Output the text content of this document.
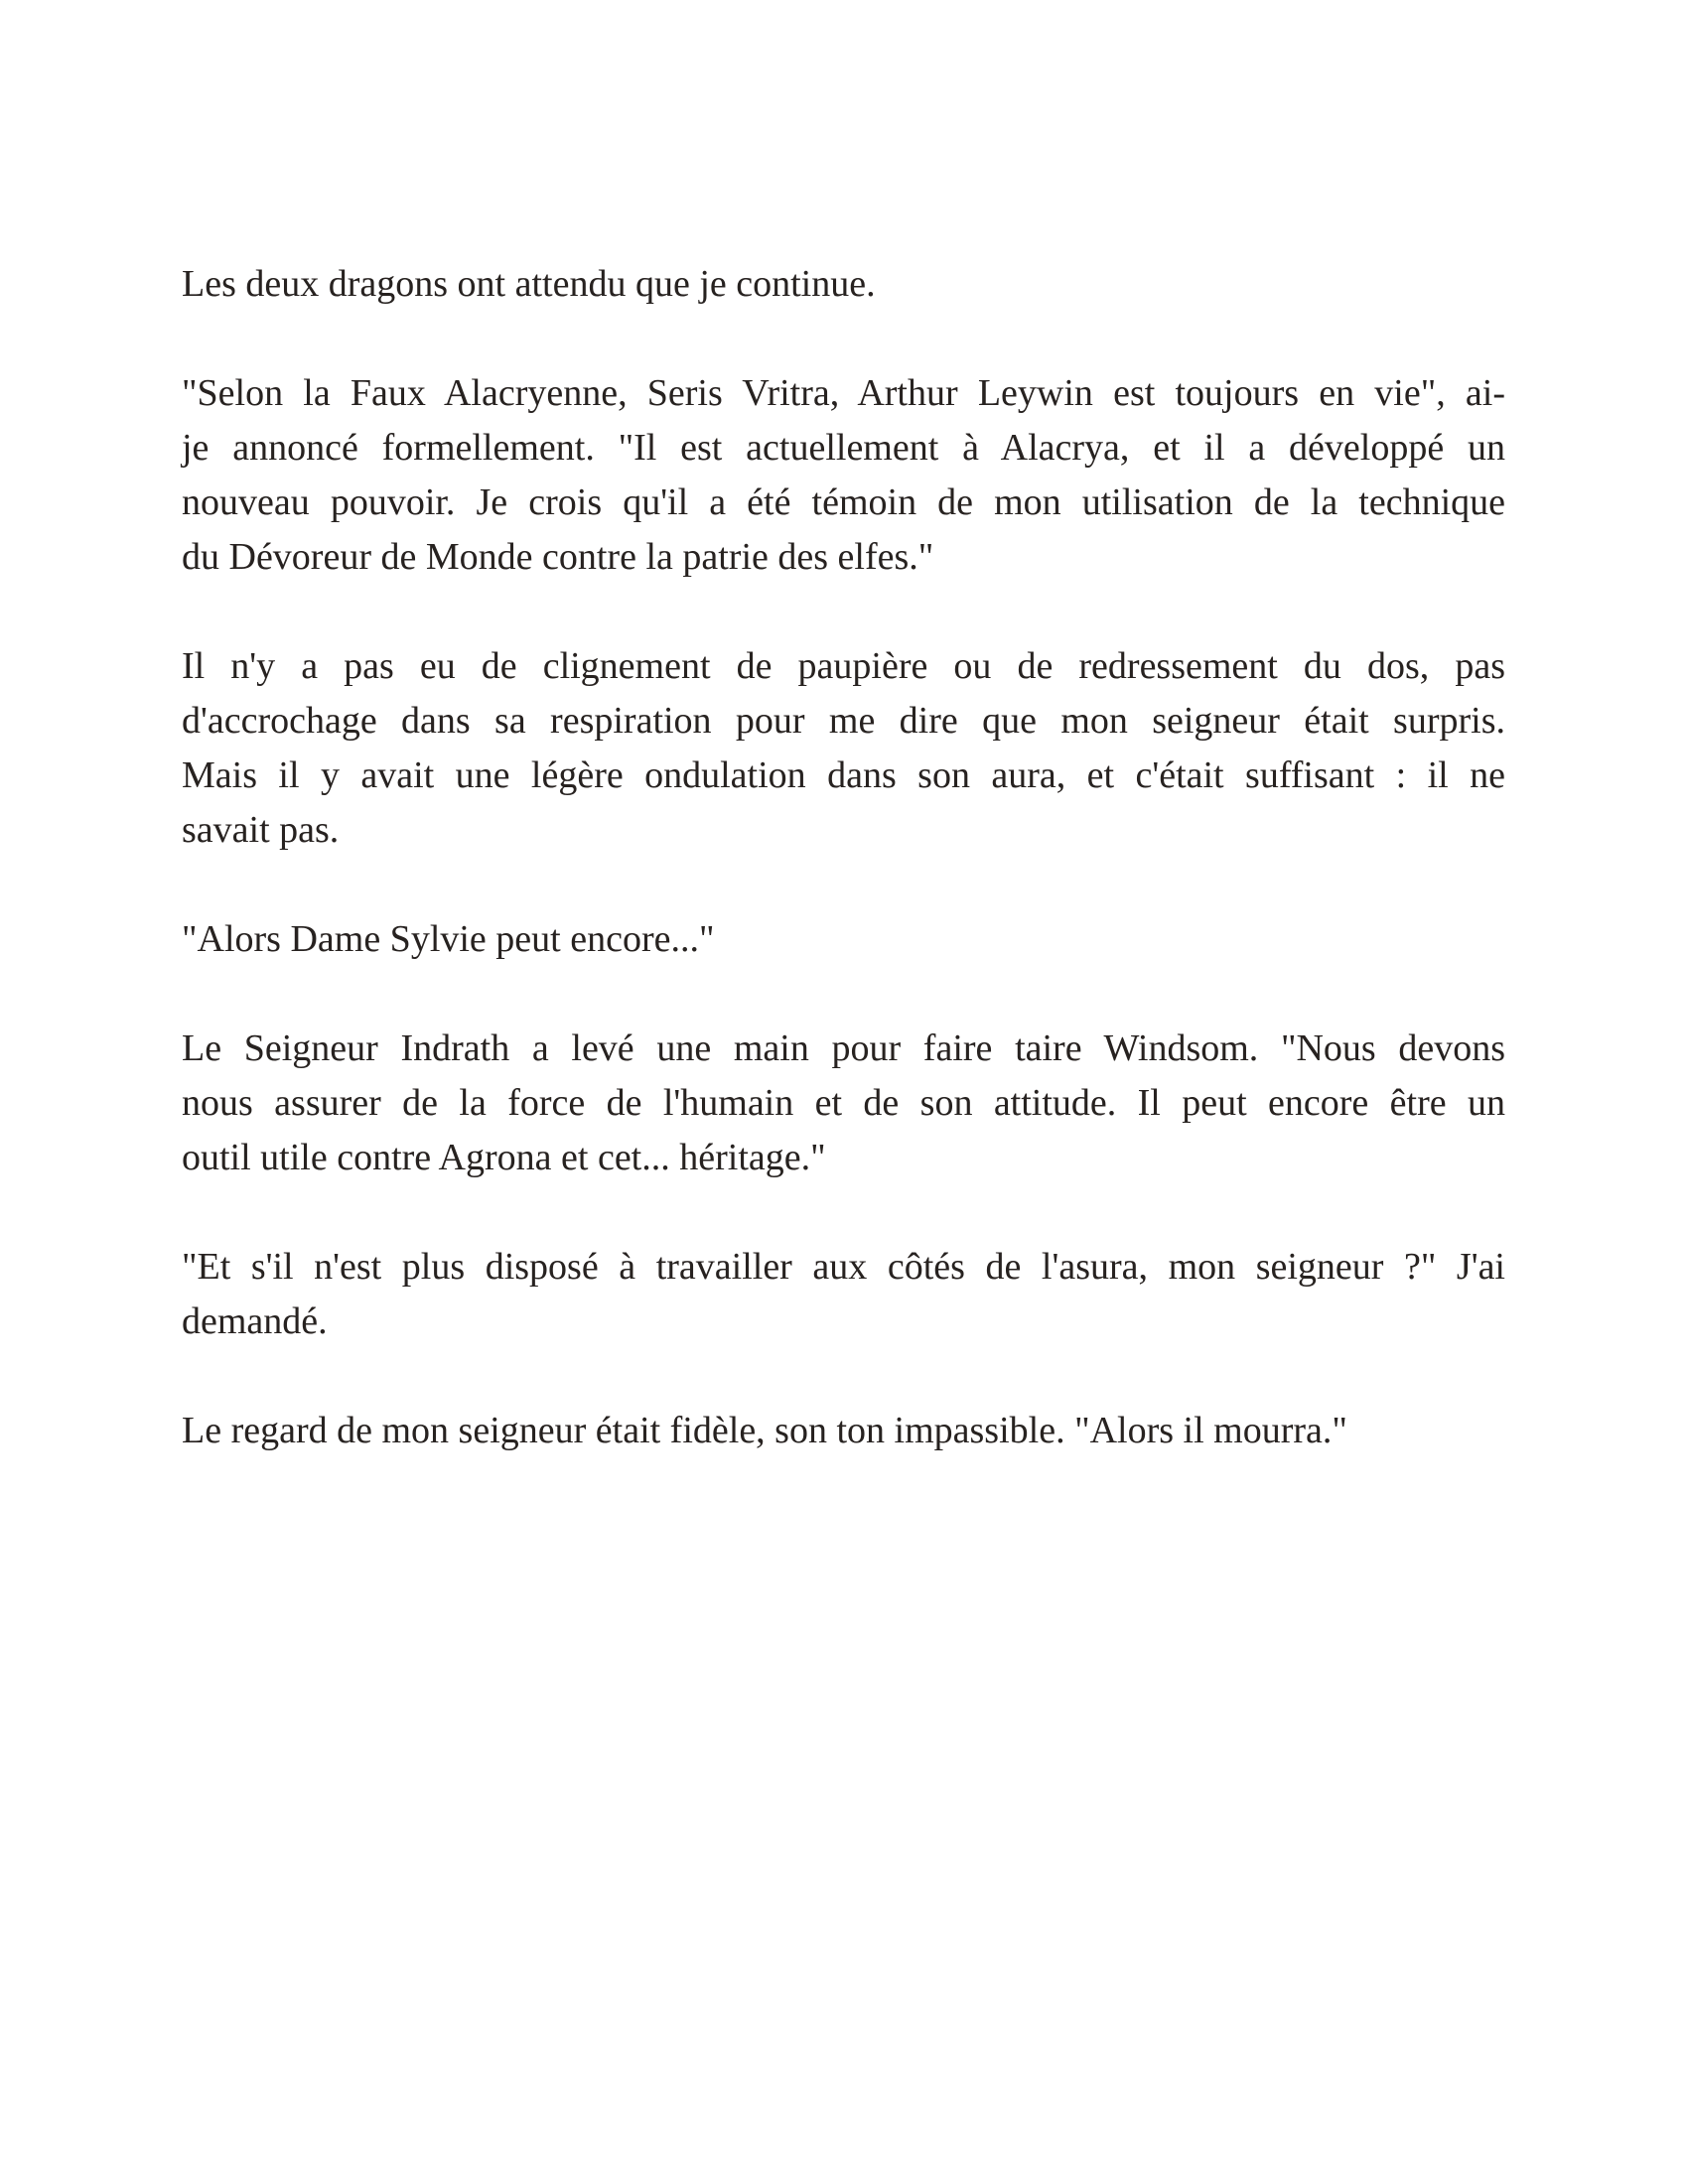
Les deux dragons ont attendu que je continue.

"Selon la Faux Alacryenne, Seris Vritra, Arthur Leywin est toujours en vie", ai-
je annoncé formellement. "Il est actuellement à Alacrya, et il a développé un
nouveau pouvoir. Je crois qu'il a été témoin de mon utilisation de la technique
du Dévoreur de Monde contre la patrie des elfes."

Il n'y a pas eu de clignement de paupière ou de redressement du dos, pas
d'accrochage dans sa respiration pour me dire que mon seigneur était surpris.
Mais il y avait une légère ondulation dans son aura, et c'était suffisant : il ne
savait pas.

"Alors Dame Sylvie peut encore..."

Le Seigneur Indrath a levé une main pour faire taire Windsom. "Nous devons
nous assurer de la force de l'humain et de son attitude. Il peut encore être un
outil utile contre Agrona et cet... héritage."

"Et s'il n'est plus disposé à travailler aux côtés de l'asura, mon seigneur ?" J'ai
demandé.

Le regard de mon seigneur était fidèle, son ton impassible. "Alors il mourra."
